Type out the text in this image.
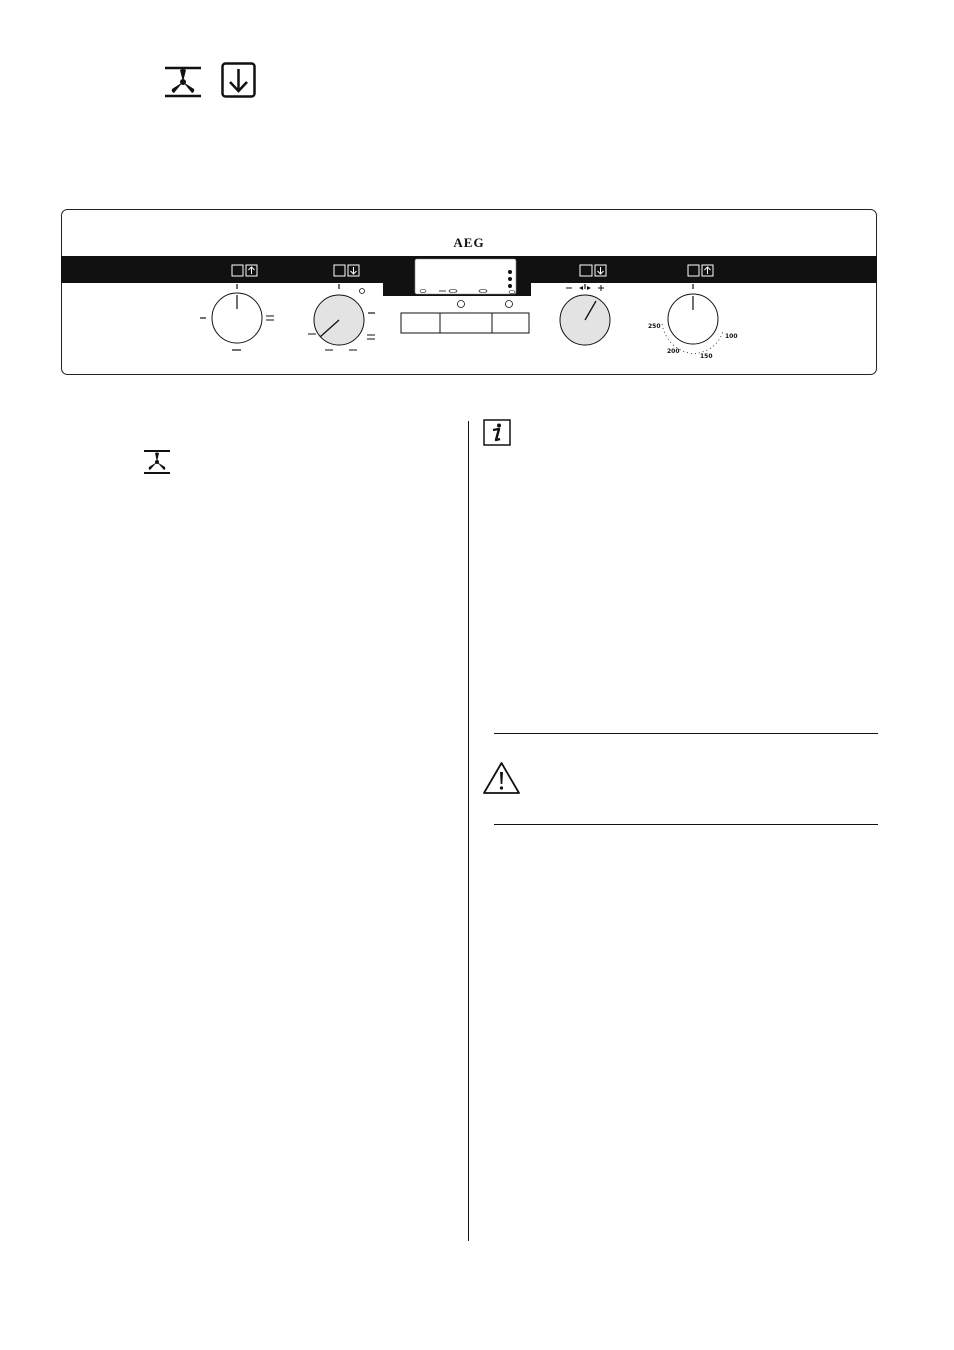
AEG
250
200
150
100
